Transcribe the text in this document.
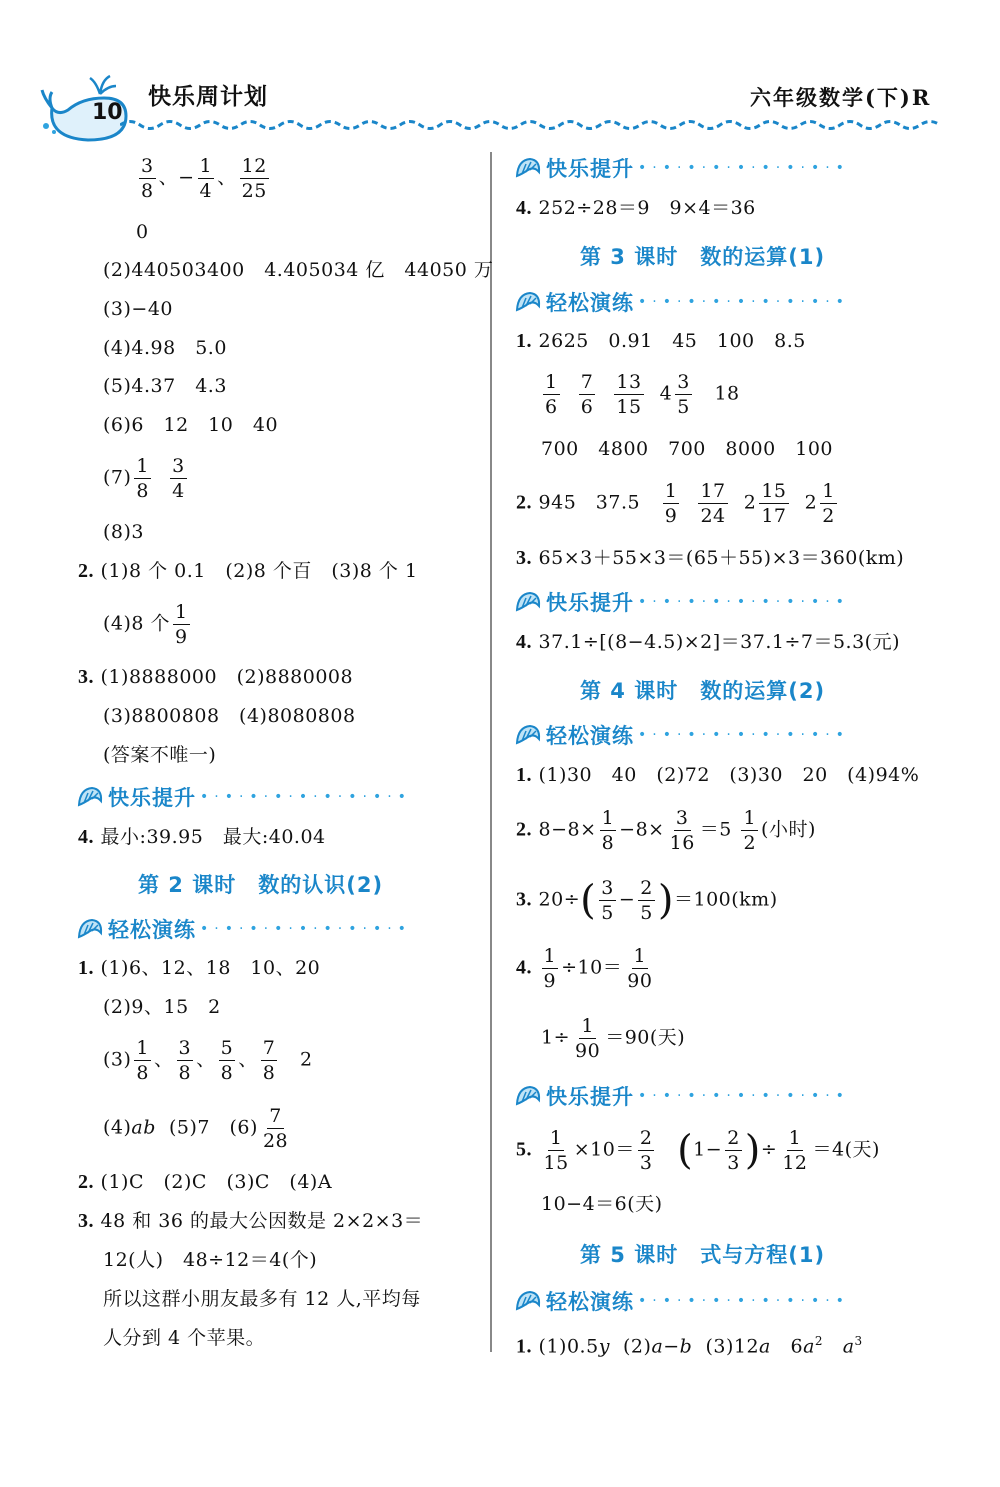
10
快乐周计划	六年级数学(下)R
$\frac{3}{8}$ 、− $\frac{1}{4}$ 、 $\frac{12}{25}$
0
(2)440503400　4.405034 亿　44050 万
(3)−40
(4)4.98　5.0
(5)4.37　4.3
(6)6　12　10　40
$(7) \frac{1}{8}$
$\frac{3}{4}$
(8)3
2. (1)8 个 0.1　(2)8 个百　(3)8 个 1
(4)8 个 $\frac{1}{9}$
3. (1)8888000　(2)8880008
(3)8800808　(4)8080808
(答案不唯一)
快乐提升 •·•·•·•·•·•·•·•·•
4. 最小:39.95　最大:40.04
第 2 课时　数的认识(2)
轻松演练 •·•·•·•·•·•·•·•·•
1. (1)6、12、18　10、20
(2)9、15　2
$(3) \frac{1}{8}$ 、 $\frac{3}{8}$ 、 $\frac{5}{8}$ 、 $\frac{7}{8} 2$
(4)ab (5)7　$(6) \frac{7}{28}$
2. (1)C　(2)C　(3)C　(4)A
3. 48 和 36 的最大公因数是 2×2×3＝
12(人)　48÷12＝4(个)
所以这群小朋友最多有 12 人,平均每
人分到 4 个苹果。
快乐提升 •·•·•·•·•·•·•·•·•
4. 252÷28＝9　9×4＝36
第 3 课时　数的运算(1)
轻松演练 •·•·•·•·•·•·•·•·•
1. 2625　0.91　45　100　8.5
$\frac{1}{6}$
$\frac{7}{6}$
$\frac{13}{15} 4 \frac{3}{5} 18$
700　4800　700　8000　100
2. 945　$37.5 \frac{1}{9}$
$\frac{17}{24} 2 \frac{15}{17} 2 \frac{1}{2}$
3. 65×3＋55×3＝(65＋55)×3＝360(km)
快乐提升 •·•·•·•·•·•·•·•·•
4. 37.1÷[(8−4.5)×2]＝37.1÷7＝5.3(元)
第 4 课时　数的运算(2)
轻松演练 •·•·•·•·•·•·•·•·•
1. (1)30　40　(2)72　(3)30　20　(4)94%
2. $8-8\times \frac{1}{8} -8\times \frac{3}{16} =5 \frac{1}{2}$ (小时)
3. $20\div( \frac{3}{5} - \frac{2}{5} )=100(km)$
4. $\frac{1}{9} \div 10= \frac{1}{90}$
$1\div \frac{1}{90} =90$(天)
快乐提升 •·•·•·•·•·•·•·•·•
5. $\frac{1}{15} \times 10= \frac{2}{3} (1- \frac{2}{3}$ )÷ $\frac{1}{12} =4$(天)
10−4＝6(天)
第 5 课时　式与方程(1)
轻松演练 •·•·•·•·•·•·•·•·•
1. (1)0.5y (2)a−b (3)12a $6a^2$ $a^3$
